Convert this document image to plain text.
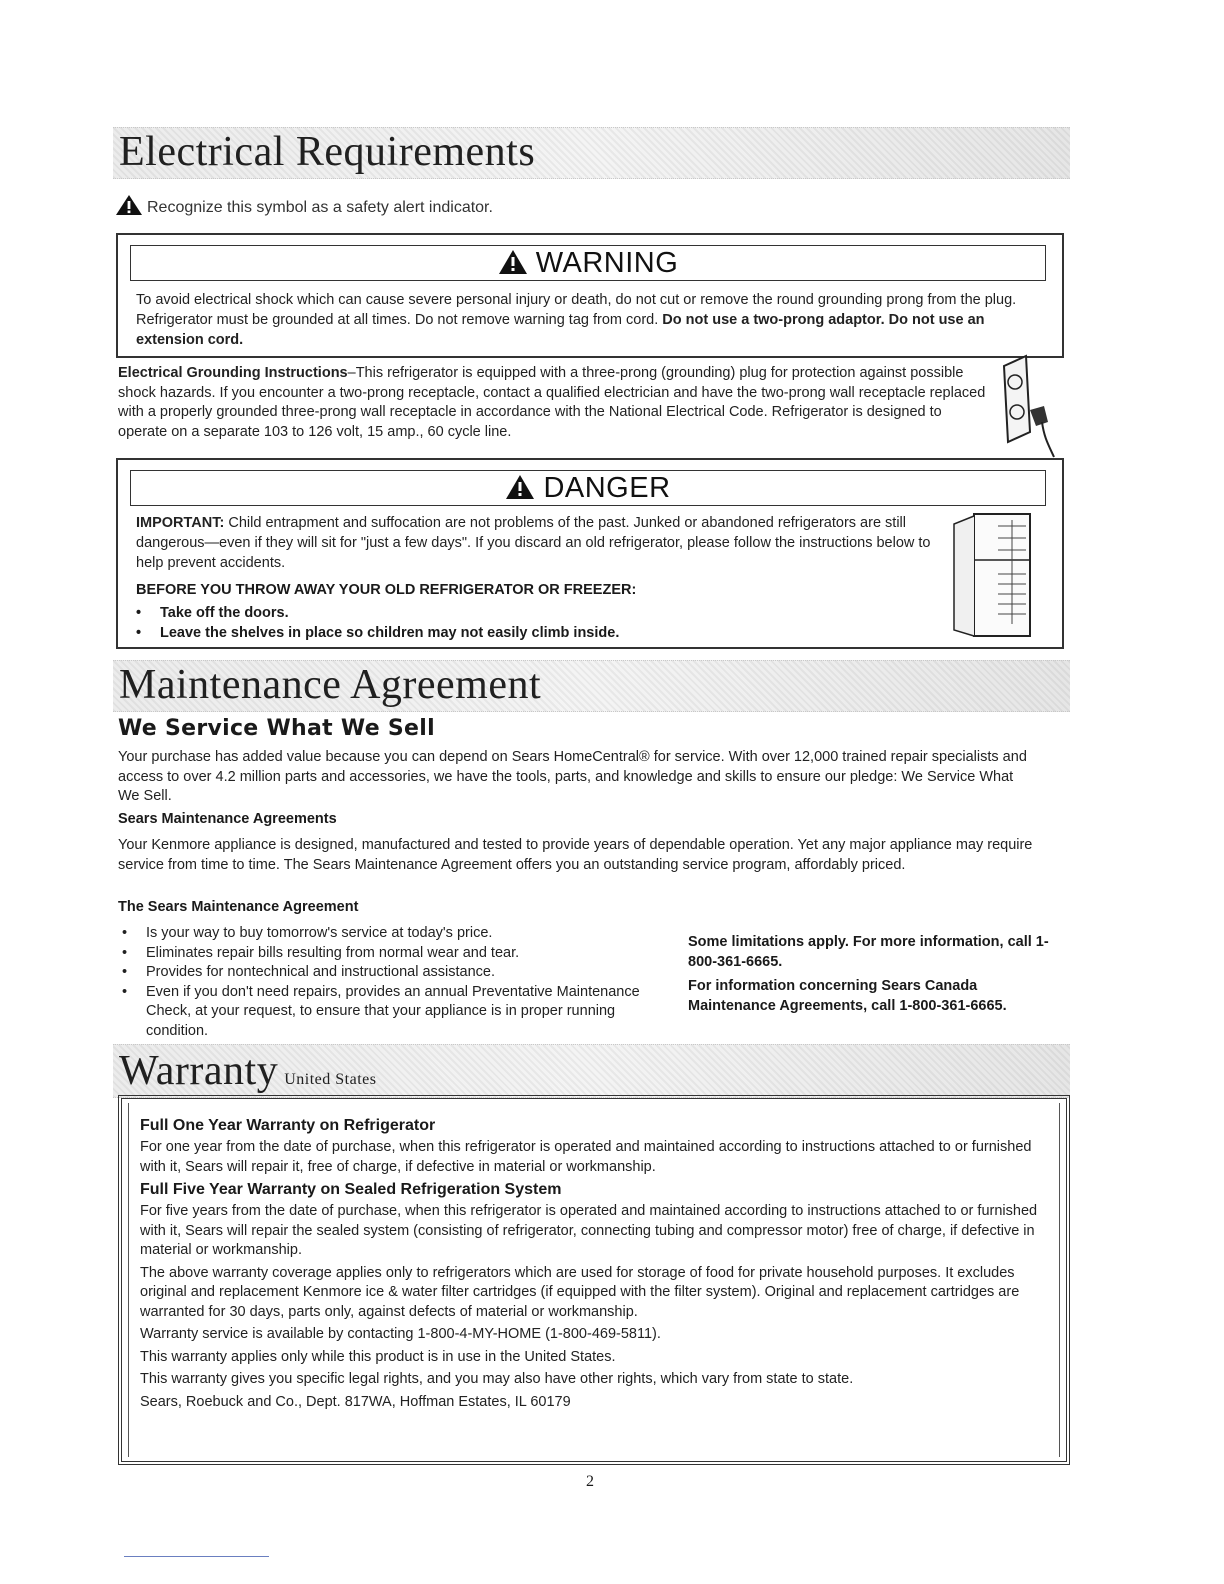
Electrical Requirements
Recognize this symbol as a safety alert indicator.
WARNING
To avoid electrical shock which can cause severe personal injury or death, do not cut or remove the round grounding prong from the plug. Refrigerator must be grounded at all times. Do not remove warning tag from cord. Do not use a two-prong adaptor. Do not use an extension cord.
Electrical Grounding Instructions–This refrigerator is equipped with a three-prong (grounding) plug for protection against possible shock hazards. If you encounter a two-prong receptacle, contact a qualified electrician and have the two-prong wall receptacle replaced with a properly grounded three-prong wall receptacle in accordance with the National Electrical Code. Refrigerator is designed to operate on a separate 103 to 126 volt, 15 amp., 60 cycle line.
DANGER
IMPORTANT: Child entrapment and suffocation are not problems of the past. Junked or abandoned refrigerators are still dangerous—even if they will sit for "just a few days". If you discard an old refrigerator, please follow the instructions below to help prevent accidents.
BEFORE YOU THROW AWAY YOUR OLD REFRIGERATOR OR FREEZER:
• Take off the doors.
• Leave the shelves in place so children may not easily climb inside.
Maintenance Agreement
We Service What We Sell
Your purchase has added value because you can depend on Sears HomeCentral® for service. With over 12,000 trained repair specialists and access to over 4.2 million parts and accessories, we have the tools, parts, and knowledge and skills to ensure our pledge: We Service What We Sell.
Sears Maintenance Agreements
Your Kenmore appliance is designed, manufactured and tested to provide years of dependable operation. Yet any major appliance may require service from time to time. The Sears Maintenance Agreement offers you an outstanding service program, affordably priced.
The Sears Maintenance Agreement
• Is your way to buy tomorrow's service at today's price.
• Eliminates repair bills resulting from normal wear and tear.
• Provides for nontechnical and instructional assistance.
• Even if you don't need repairs, provides an annual Preventative Maintenance Check, at your request, to ensure that your appliance is in proper running condition.
Some limitations apply. For more information, call 1-800-361-6665.
For information concerning Sears Canada Maintenance Agreements, call 1-800-361-6665.
Warranty United States
Full One Year Warranty on Refrigerator
For one year from the date of purchase, when this refrigerator is operated and maintained according to instructions attached to or furnished with it, Sears will repair it, free of charge, if defective in material or workmanship.
Full Five Year Warranty on Sealed Refrigeration System
For five years from the date of purchase, when this refrigerator is operated and maintained according to instructions attached to or furnished with it, Sears will repair the sealed system (consisting of refrigerator, connecting tubing and compressor motor) free of charge, if defective in material or workmanship.
The above warranty coverage applies only to refrigerators which are used for storage of food for private household purposes. It excludes original and replacement Kenmore ice & water filter cartridges (if equipped with the filter system). Original and replacement cartridges are warranted for 30 days, parts only, against defects of material or workmanship.
Warranty service is available by contacting 1-800-4-MY-HOME (1-800-469-5811).
This warranty applies only while this product is in use in the United States.
This warranty gives you specific legal rights, and you may also have other rights, which vary from state to state.
Sears, Roebuck and Co., Dept. 817WA, Hoffman Estates, IL 60179
2
